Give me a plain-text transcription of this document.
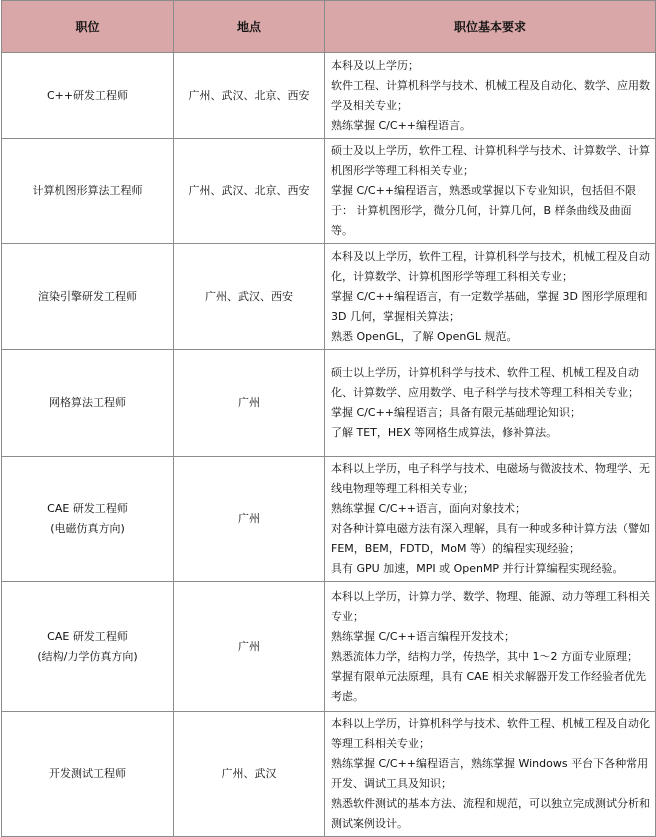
职位	地点	职位基本要求

C++研发工程师	广州、武汉、北京、西安	本科及以上学历；
软件工程、计算机科学与技术、机械工程及自动化、数学、应用数学及相关专业；
熟练掌握 C/C++编程语言。

计算机图形算法工程师	广州、武汉、北京、西安	硕士及以上学历，软件工程、计算机科学与技术、计算数学、计算机图形学等理工科相关专业；
掌握 C/C++编程语言，熟悉或掌握以下专业知识，包括但不限于： 计算机图形学，微分几何，计算几何，B 样条曲线及曲面等。

渲染引擎研发工程师	广州、武汉、西安	本科及以上学历，软件工程，计算机科学与技术，机械工程及自动化，计算数学、计算机图形学等理工科相关专业；
掌握 C/C++编程语言，有一定数学基础，掌握 3D 图形学原理和 3D 几何，掌握相关算法；
熟悉 OpenGL，了解 OpenGL 规范。

网格算法工程师	广州	硕士以上学历，计算机科学与技术、软件工程、机械工程及自动化、计算数学、应用数学、电子科学与技术等理工科相关专业；
掌握 C/C++编程语言；具备有限元基础理论知识；
了解 TET，HEX 等网格生成算法，修补算法。

CAE 研发工程师
(电磁仿真方向)	广州	本科以上学历，电子科学与技术、电磁场与微波技术、物理学、无线电物理等理工科相关专业；
熟练掌握 C/C++语言，面向对象技术；
对各种计算电磁方法有深入理解，具有一种或多种计算方法（譬如 FEM，BEM，FDTD，MoM 等）的编程实现经验；
具有 GPU 加速，MPI 或 OpenMP 并行计算编程实现经验。

CAE 研发工程师
(结构/力学仿真方向)	广州	本科以上学历，计算力学、数学、物理、能源、动力等理工科相关专业；
熟练掌握 C/C++语言编程开发技术；
熟悉流体力学，结构力学，传热学，其中 1～2 方面专业原理；
掌握有限单元法原理，具有 CAE 相关求解器开发工作经验者优先考虑。

开发测试工程师	广州、武汉	本科以上学历，计算机科学与技术、软件工程、机械工程及自动化等理工科相关专业；
熟练掌握 C/C++编程语言，熟练掌握 Windows 平台下各种常用开发、调试工具及知识；
熟悉软件测试的基本方法、流程和规范，可以独立完成测试分析和测试案例设计。
